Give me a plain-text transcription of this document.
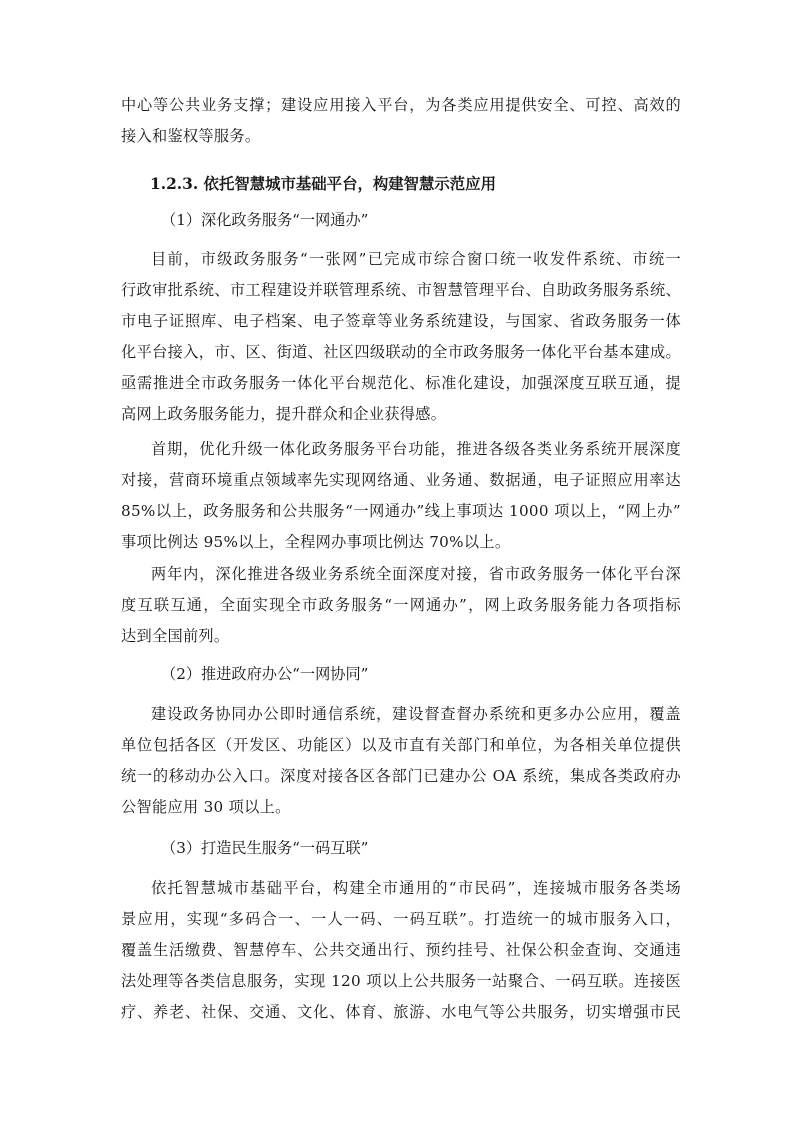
中心等公共业务支撑；建设应用接入平台，为各类应用提供安全、可控、高效的
接入和鉴权等服务。
1.2.3. 依托智慧城市基础平台，构建智慧示范应用
（1）深化政务服务“一网通办”
目前，市级政务服务“一张网”已完成市综合窗口统一收发件系统、市统一
行政审批系统、市工程建设并联管理系统、市智慧管理平台、自助政务服务系统、
市电子证照库、电子档案、电子签章等业务系统建设，与国家、省政务服务一体
化平台接入，市、区、街道、社区四级联动的全市政务服务一体化平台基本建成。
亟需推进全市政务服务一体化平台规范化、标准化建设，加强深度互联互通，提
高网上政务服务能力，提升群众和企业获得感。
首期，优化升级一体化政务服务平台功能，推进各级各类业务系统开展深度
对接，营商环境重点领域率先实现网络通、业务通、数据通，电子证照应用率达
85%以上，政务服务和公共服务“一网通办”线上事项达 1000 项以上，“网上办”
事项比例达 95%以上，全程网办事项比例达 70%以上。
两年内，深化推进各级业务系统全面深度对接，省市政务服务一体化平台深
度互联互通，全面实现全市政务服务“一网通办”，网上政务服务能力各项指标
达到全国前列。
（2）推进政府办公“一网协同”
建设政务协同办公即时通信系统，建设督查督办系统和更多办公应用，覆盖
单位包括各区（开发区、功能区）以及市直有关部门和单位，为各相关单位提供
统一的移动办公入口。深度对接各区各部门已建办公 OA 系统，集成各类政府办
公智能应用 30 项以上。
（3）打造民生服务“一码互联”
依托智慧城市基础平台，构建全市通用的“市民码”，连接城市服务各类场
景应用，实现“多码合一、一人一码、一码互联”。打造统一的城市服务入口，
覆盖生活缴费、智慧停车、公共交通出行、预约挂号、社保公积金查询、交通违
法处理等各类信息服务，实现 120 项以上公共服务一站聚合、一码互联。连接医
疗、养老、社保、交通、文化、体育、旅游、水电气等公共服务，切实增强市民
